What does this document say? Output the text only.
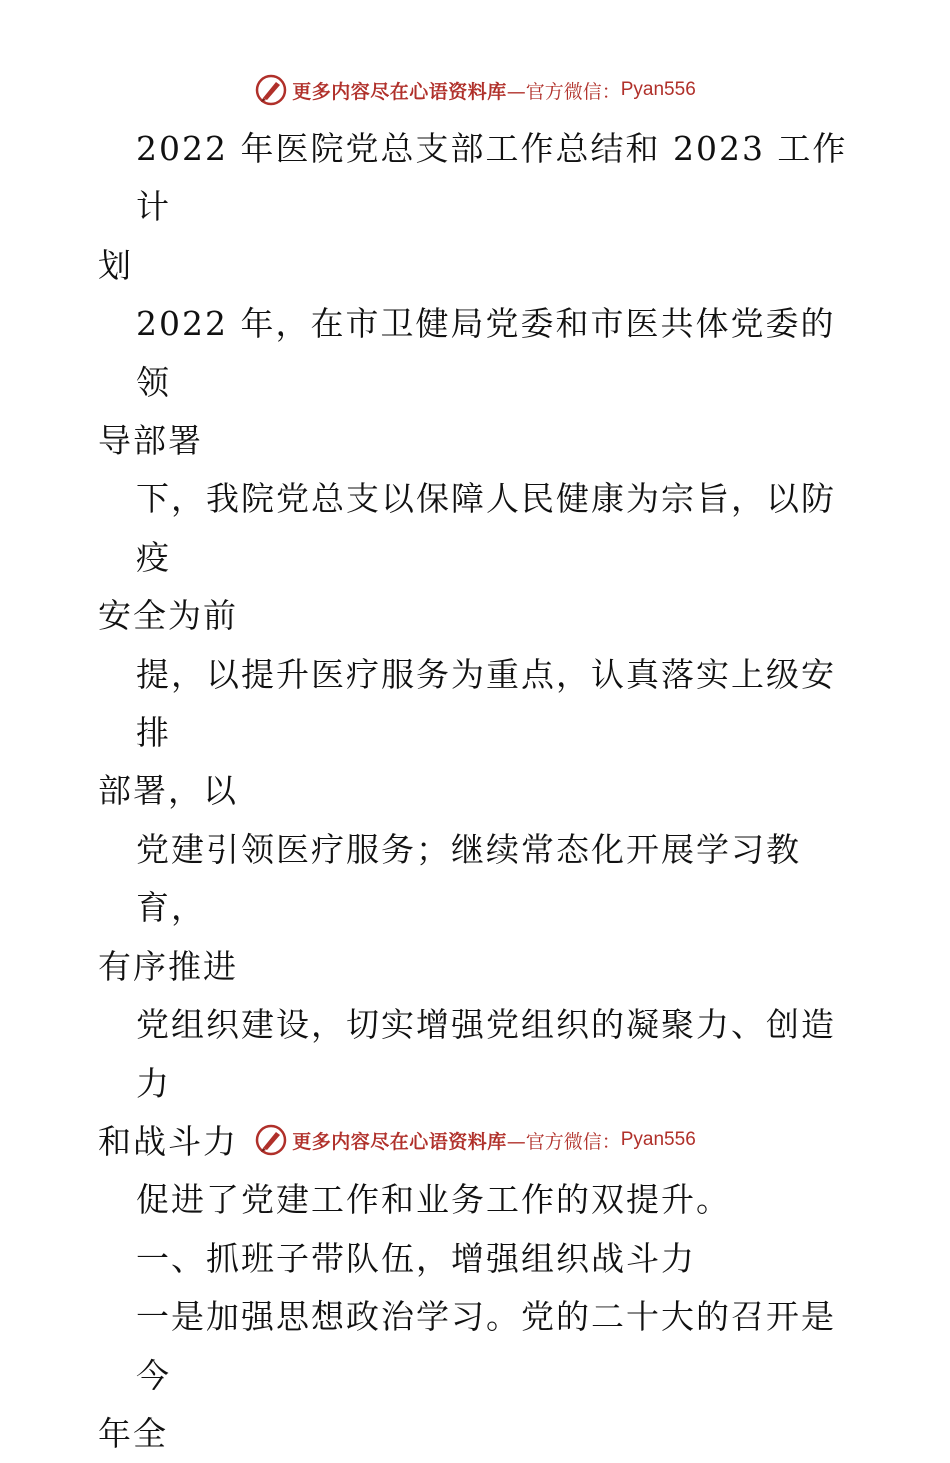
更多内容尽在心语资料库 —官方微信： Pyan556

2022 年医院党总支部工作总结和 2023 工作计

划

2022 年，在市卫健局党委和市医共体党委的领

导部署

下，我院党总支以保障人民健康为宗旨，以防疫

安全为前

提，以提升医疗服务为重点，认真落实上级安排

部署，以

党建引领医疗服务；继续常态化开展学习教育，

有序推进

党组织建设，切实增强党组织的凝聚力、创造力

和战斗力

促进了党建工作和业务工作的双提升。

一、抓班子带队伍，增强组织战斗力

一是加强思想政治学习。党的二十大的召开是今

年全

更多内容尽在心语资料库 —官方微信： Pyan556
